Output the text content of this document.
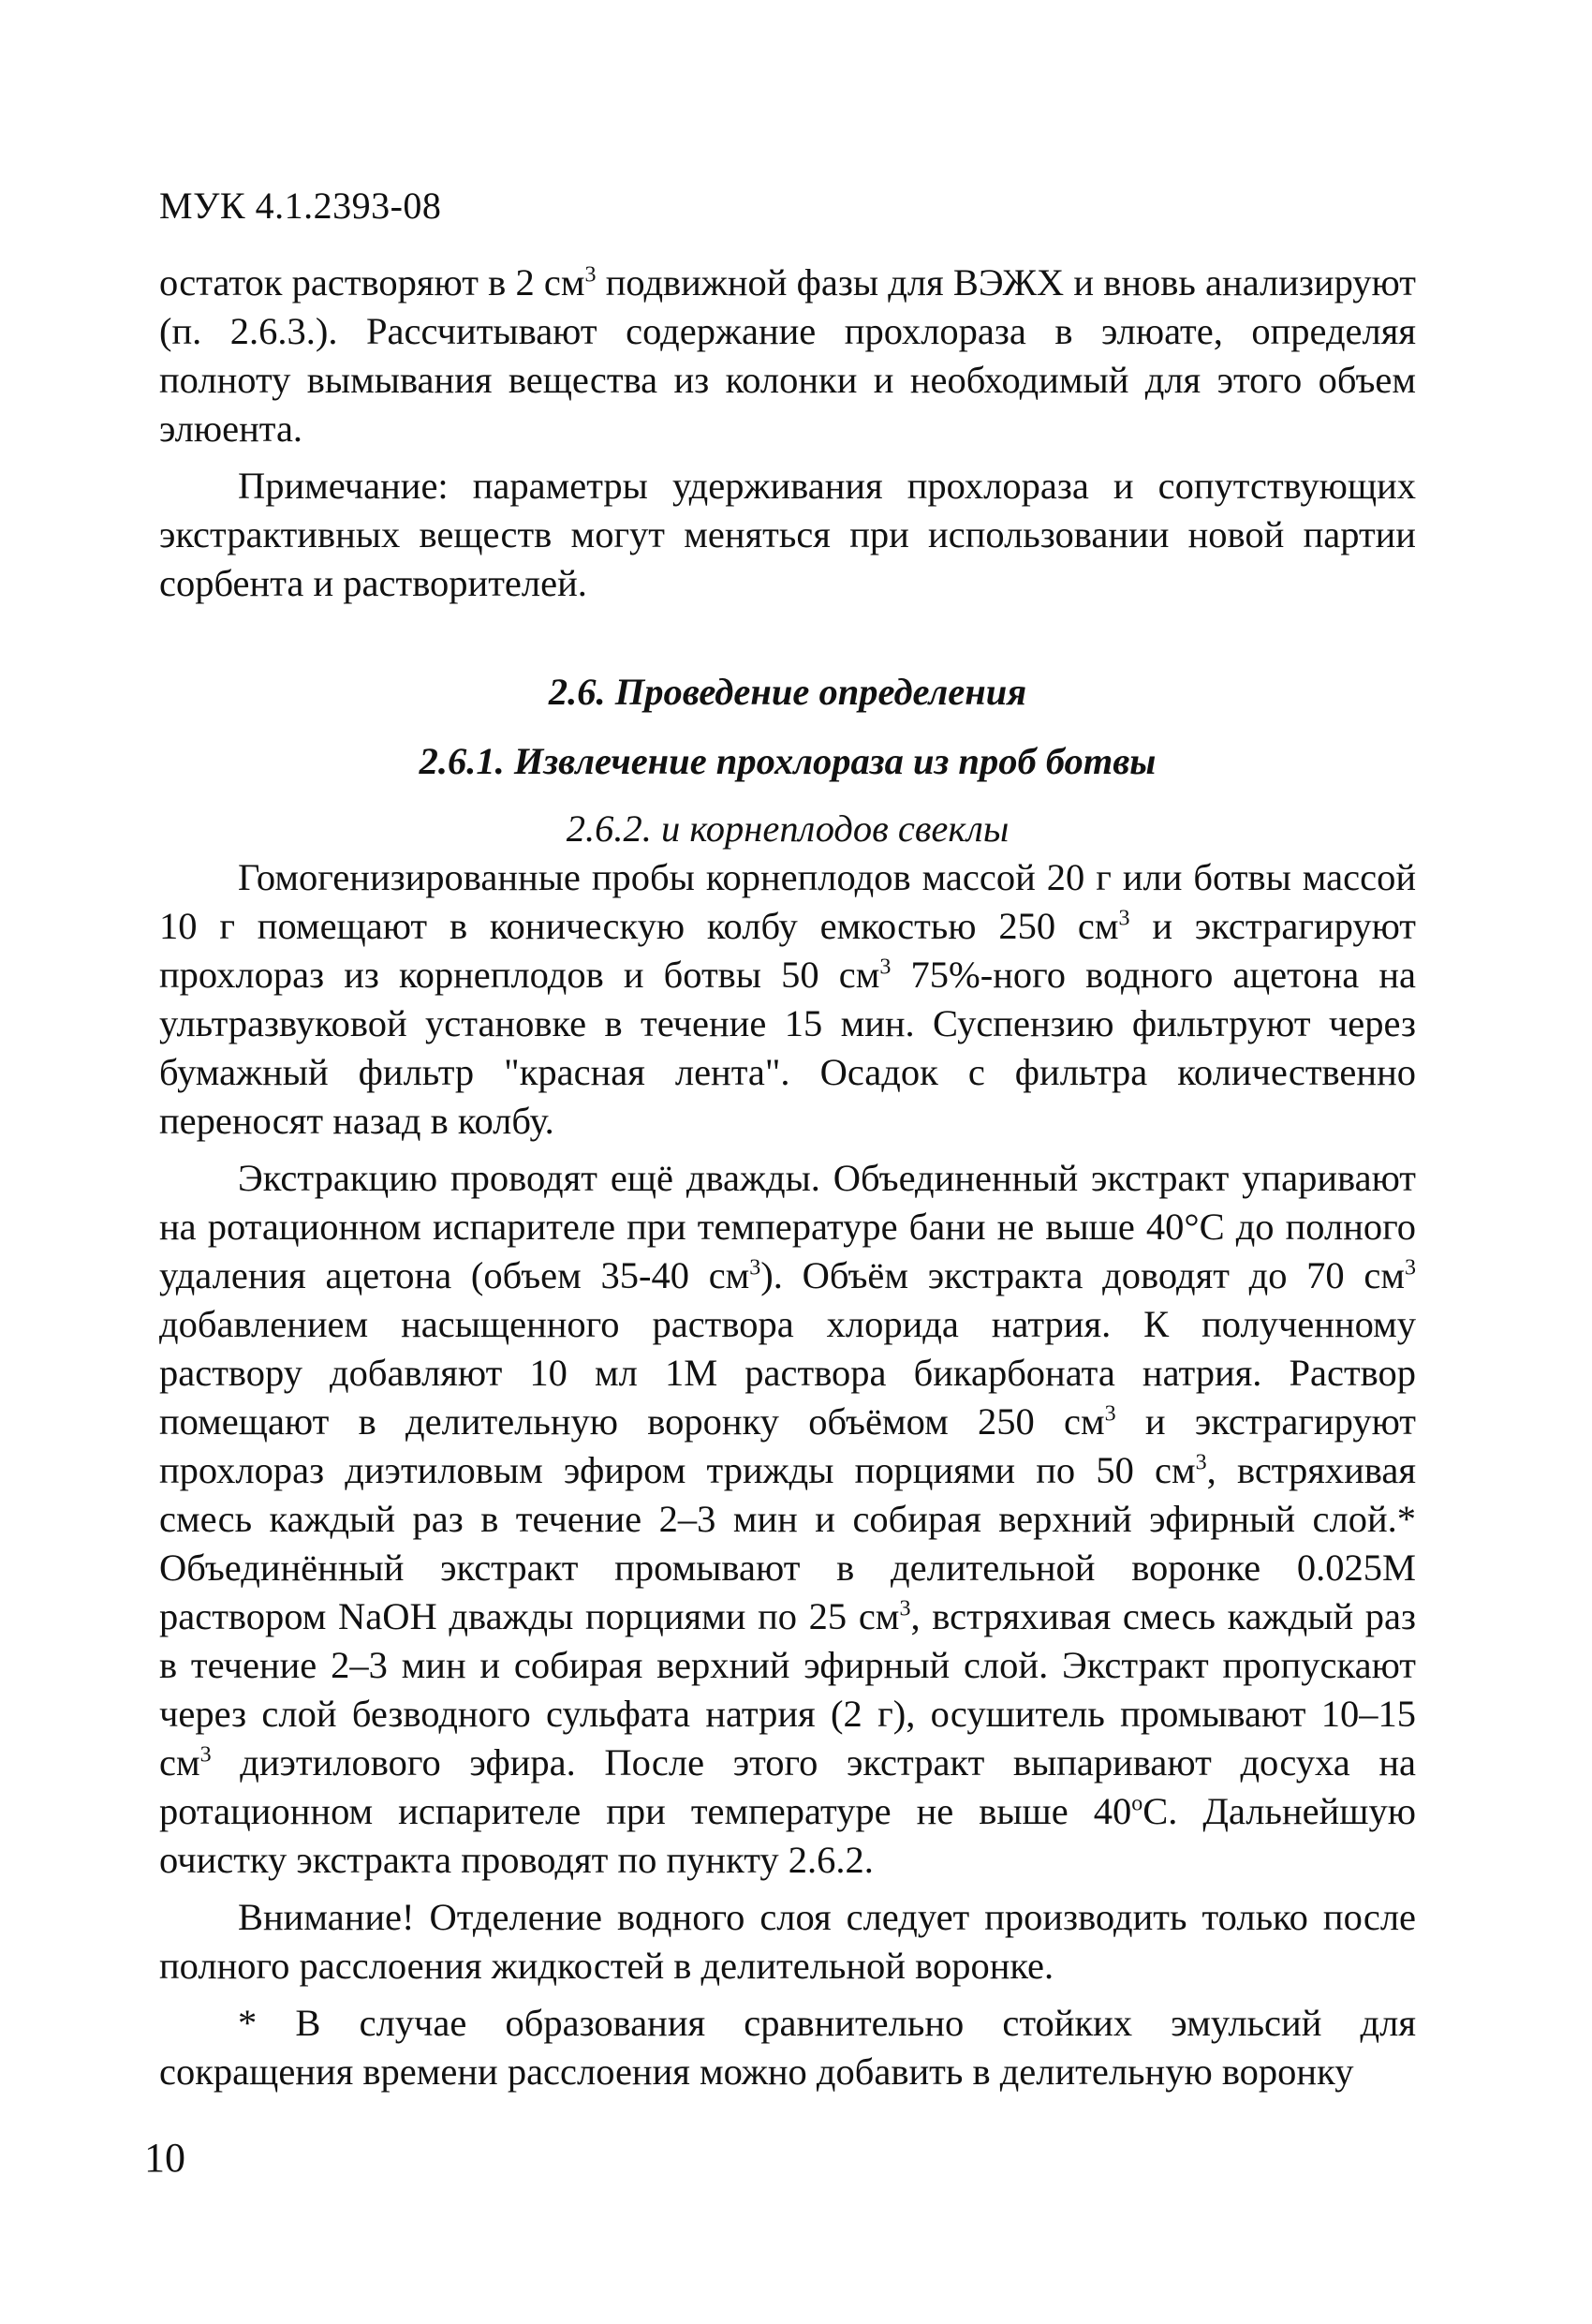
МУК 4.1.2393-08

остаток растворяют в 2 $см^3$ подвижной фазы для ВЭЖХ и вновь анализируют (п. 2.6.3.). Рассчитывают содержание прохлораза в элюате, определяя полноту вымывания вещества из колонки и необходимый для этого объем элюента.

Примечание: параметры удерживания прохлораза и сопутствующих экстрактивных веществ могут меняться при использовании новой партии сорбента и растворителей.

2.6. Проведение определения

2.6.1. Извлечение прохлораза из проб ботвы

2.6.2. и корнеплодов свеклы

Гомогенизированные пробы корнеплодов массой 20 г или ботвы массой 10 г помещают в коническую колбу емкостью 250 $см^3$ и экстрагируют прохлораз из корнеплодов и ботвы 50 $см^3$ 75%-ного водного ацетона на ультразвуковой установке в течение 15 мин. Суспензию фильтруют через бумажный фильтр "красная лента". Осадок с фильтра количественно переносят назад в колбу.

Экстракцию проводят ещё дважды. Объединенный экстракт упаривают на ротационном испарителе при температуре бани не выше 40°С до полного удаления ацетона (объем 35-40 $см^3$). Объём экстракта доводят до 70 $см^3$ добавлением насыщенного раствора хлорида натрия. К полученному раствору добавляют 10 мл 1М раствора бикарбоната натрия. Раствор помещают в делительную воронку объёмом 250 $см^3$ и экстрагируют прохлораз диэтиловым эфиром трижды порциями по 50 $см^3$, встряхивая смесь каждый раз в течение 2–3 мин и собирая верхний эфирный слой.* Объединённый экстракт промывают в делительной воронке 0.025М раствором NaOH дважды порциями по 25 $см^3$, встряхивая смесь каждый раз в течение 2–3 мин и собирая верхний эфирный слой. Экстракт пропускают через слой безводного сульфата натрия (2 г), осушитель промывают 10–15 $см^3$ диэтилового эфира. После этого экстракт выпаривают досуха на ротационном испарителе при температуре не выше 40$^o$С. Дальнейшую очистку экстракта проводят по пункту 2.6.2.

Внимание! Отделение водного слоя следует производить только после полного расслоения жидкостей в делительной воронке.

* В случае образования сравнительно стойких эмульсий для сокращения времени расслоения можно добавить в делительную воронку

10
